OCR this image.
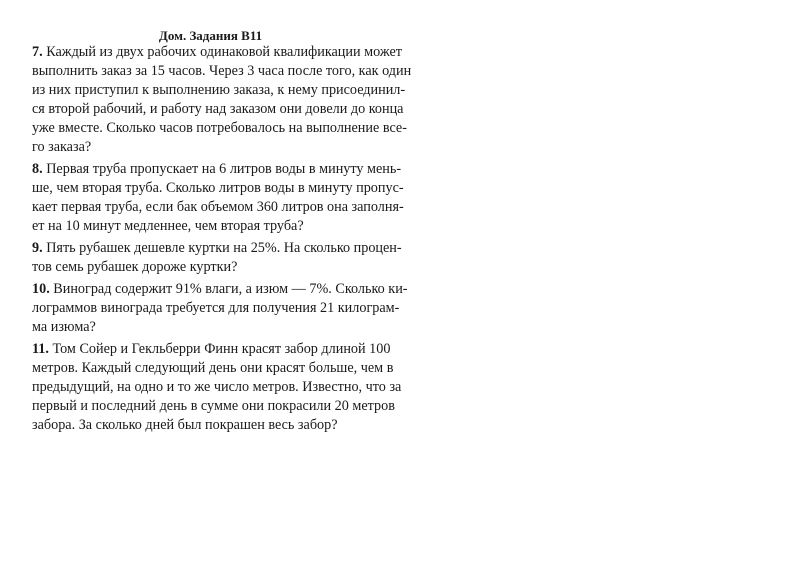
Дом. Задания В11
7. Каждый из двух рабочих одинаковой квалификации может
выполнить заказ за 15 часов. Через 3 часа после того, как один
из них приступил к выполнению заказа, к нему присоединил-
ся второй рабочий, и работу над заказом они довели до конца
уже вместе. Сколько часов потребовалось на выполнение все-
го заказа?
8. Первая труба пропускает на 6 литров воды в минуту мень-
ше, чем вторая труба. Сколько литров воды в минуту пропус-
кает первая труба, если бак объемом 360 литров она заполня-
ет на 10 минут медленнее, чем вторая труба?
9. Пять рубашек дешевле куртки на 25%. На сколько процен-
тов семь рубашек дороже куртки?
10. Виноград содержит 91% влаги, а изюм — 7%. Сколько ки-
лограммов винограда требуется для получения 21 килограм-
ма изюма?
11. Том Сойер и Гекльберри Финн красят забор длиной 100
метров. Каждый следующий день они красят больше, чем в
предыдущий, на одно и то же число метров. Известно, что за
первый и последний день в сумме они покрасили 20 метров
забора. За сколько дней был покрашен весь забор?
